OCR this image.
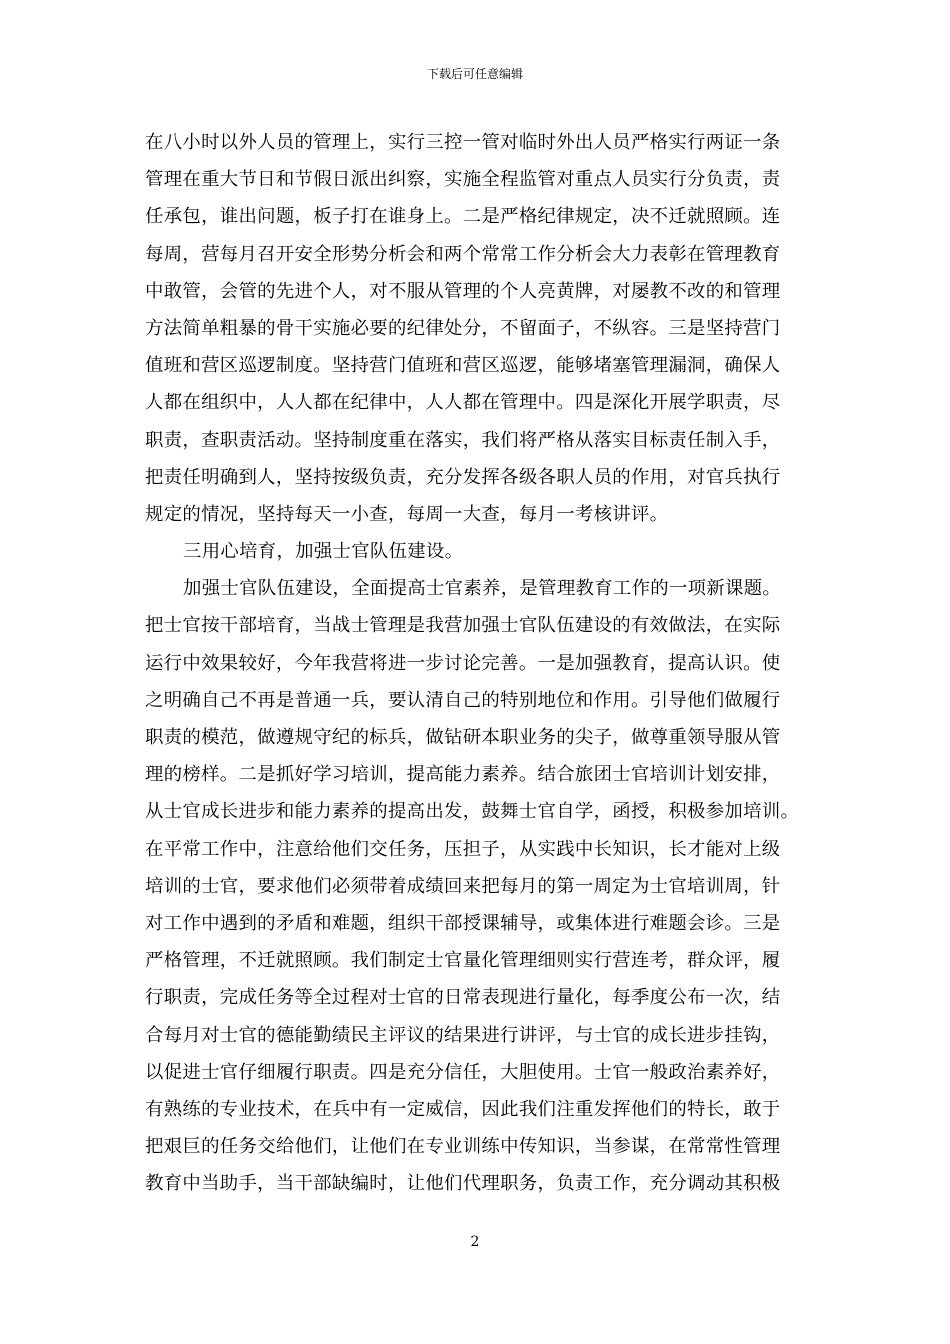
下载后可任意编辑
在八小时以外人员的管理上，实行三控一管对临时外出人员严格实行两证一条
管理在重大节日和节假日派出纠察，实施全程监管对重点人员实行分负责，责
任承包，谁出问题，板子打在谁身上。二是严格纪律规定，决不迁就照顾。连
每周，营每月召开安全形势分析会和两个常常工作分析会大力表彰在管理教育
中敢管，会管的先进个人，对不服从管理的个人亮黄牌，对屡教不改的和管理
方法简单粗暴的骨干实施必要的纪律处分，不留面子，不纵容。三是坚持营门
值班和营区巡逻制度。坚持营门值班和营区巡逻，能够堵塞管理漏洞，确保人
人都在组织中，人人都在纪律中，人人都在管理中。四是深化开展学职责，尽
职责，查职责活动。坚持制度重在落实，我们将严格从落实目标责任制入手，
把责任明确到人，坚持按级负责，充分发挥各级各职人员的作用，对官兵执行
规定的情况，坚持每天一小查，每周一大查，每月一考核讲评。
三用心培育，加强士官队伍建设。
加强士官队伍建设，全面提高士官素养，是管理教育工作的一项新课题。
把士官按干部培育，当战士管理是我营加强士官队伍建设的有效做法，在实际
运行中效果较好，今年我营将进一步讨论完善。一是加强教育，提高认识。使
之明确自己不再是普通一兵，要认清自己的特别地位和作用。引导他们做履行
职责的模范，做遵规守纪的标兵，做钻研本职业务的尖子，做尊重领导服从管
理的榜样。二是抓好学习培训，提高能力素养。结合旅团士官培训计划安排，
从士官成长进步和能力素养的提高出发，鼓舞士官自学，函授，积极参加培训。
在平常工作中，注意给他们交任务，压担子，从实践中长知识，长才能对上级
培训的士官，要求他们必须带着成绩回来把每月的第一周定为士官培训周，针
对工作中遇到的矛盾和难题，组织干部授课辅导，或集体进行难题会诊。三是
严格管理，不迁就照顾。我们制定士官量化管理细则实行营连考，群众评，履
行职责，完成任务等全过程对士官的日常表现进行量化，每季度公布一次，结
合每月对士官的德能勤绩民主评议的结果进行讲评，与士官的成长进步挂钩，
以促进士官仔细履行职责。四是充分信任，大胆使用。士官一般政治素养好，
有熟练的专业技术，在兵中有一定威信，因此我们注重发挥他们的特长，敢于
把艰巨的任务交给他们，让他们在专业训练中传知识，当参谋，在常常性管理
教育中当助手，当干部缺编时，让他们代理职务，负责工作，充分调动其积极
2
